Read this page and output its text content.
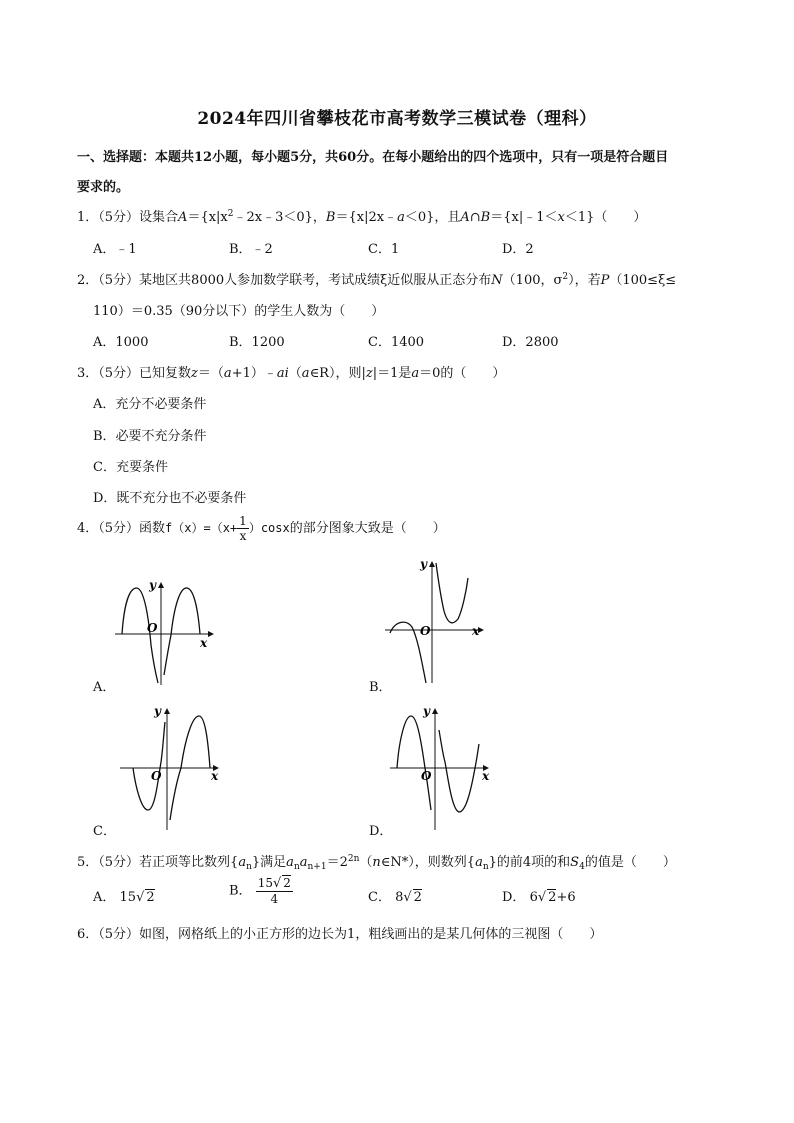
2024年四川省攀枝花市高考数学三模试卷（理科）
一、选择题：本题共12小题，每小题5分，共60分。在每小题给出的四个选项中，只有一项是符合题目
要求的。
1．（5分）设集合$A=\{x|x^2﹣2x﹣3<0\}$，B＝{x|2x﹣a＜0}，且A∩B＝{x|﹣1＜x＜1}（　　）
A．﹣1	B．﹣2	C．1	D．2
2．（5分）某地区共8000人参加数学联考，考试成绩ξ近似服从正态分布N（100，$\sigma^2$），若P（100≤ξ≤
110）＝0.35（90分以下）的学生人数为（　　）
A．1000	B．1200	C．1400	D．2800
3．（5分）已知复数z＝（a+1）﹣ai（a∈R），则|z|＝1是a＝0的（　　）
A．充分不必要条件
B．必要不充分条件
C．充要条件
D．既不充分也不必要条件
4．（5分）函数$f(x)=(x+ \frac{1}{x} )\cos x$的部分图象大致是（　　）
y
O
x
A．
y
O	x
B．
y
O	x
C．
y
O	x
D．
5．（5分）若正项等比数列$\{a_n\}$满足$a_na_{n+1}=2^{2n}(n\in N*)$，则数列$\{a_n\}$的前4项的和$S_4$的值是（　　）
A． 15√ 2	B． $\frac{15√ 2}{4}$	C． 8√ 2	D． 6√ 2+6
6．（5分）如图，网格纸上的小正方形的边长为1，粗线画出的是某几何体的三视图（　　）
